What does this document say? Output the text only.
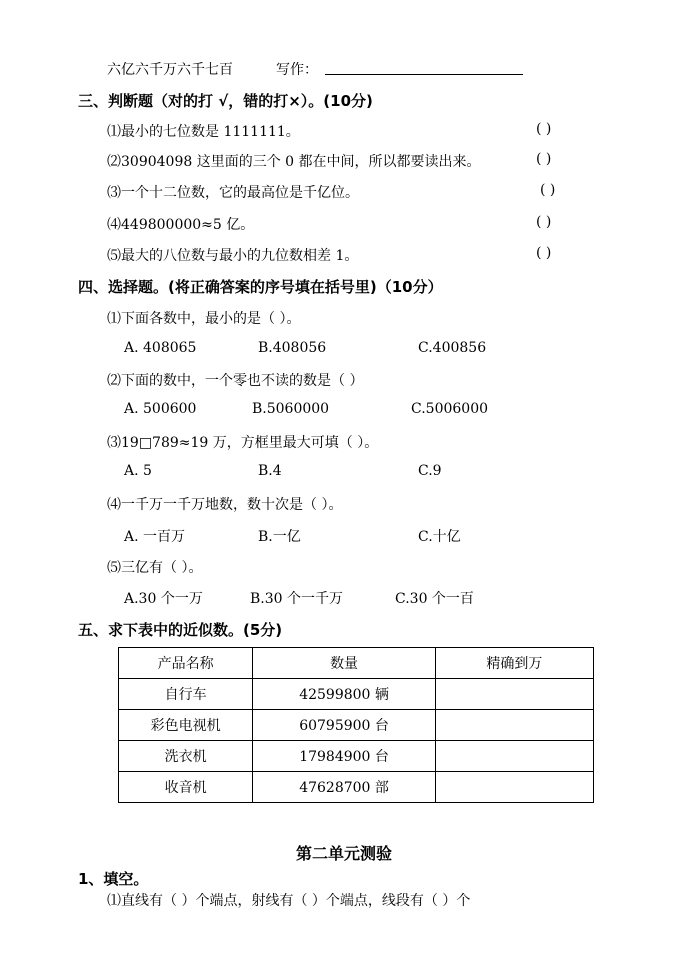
六亿六千万六千七百	写作：
三、判断题（对的打 √，错的打×）。(10分)
⑴最小的七位数是 1111111。	( )
⑵30904098 这里面的三个 0 都在中间，所以都要读出来。	( )
⑶一个十二位数，它的最高位是千亿位。	( )
⑷449800000≈5 亿。	( )
⑸最大的八位数与最小的九位数相差 1。	( )
四、选择题。(将正确答案的序号填在括号里)（10分）
⑴下面各数中，最小的是（ ）。
A. 408065	B.408056	C.400856
⑵下面的数中，一个零也不读的数是（ ）
A. 500600	B.5060000	C.5006000
⑶19□789≈19 万，方框里最大可填（ ）。
A. 5	B.4	C.9
⑷一千万一千万地数，数十次是（ ）。
A. 一百万	B.一亿	C.十亿
⑸三亿有（ ）。
A.30 个一万	B.30 个一千万	C.30 个一百
五、求下表中的近似数。(5分)
产品名称	数量	精确到万
自行车	42599800 辆	
彩色电视机	60795900 台	
洗衣机	17984900 台	
收音机	47628700 部	
第二单元测验
1、填空。
⑴直线有（ ）个端点，射线有（ ）个端点，线段有（ ）个
